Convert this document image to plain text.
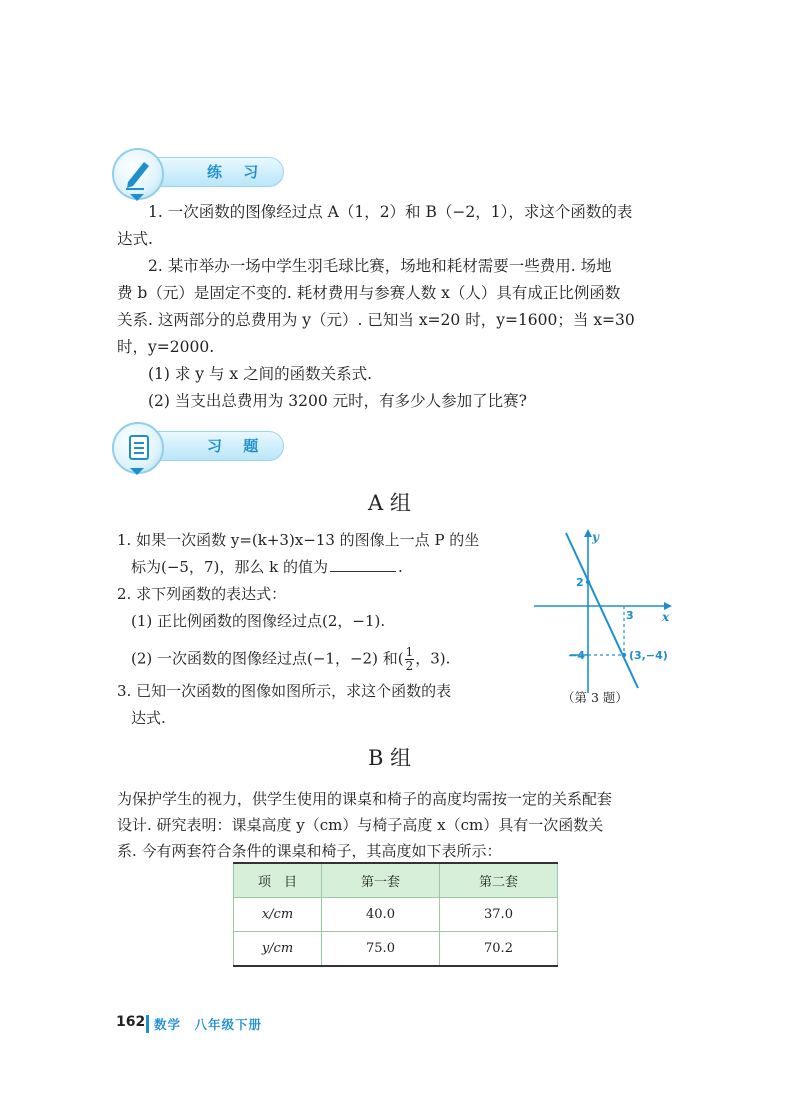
练 习
1. 一次函数的图像经过点 A（1，2）和 B（−2，1），求这个函数的表
达式.
2. 某市举办一场中学生羽毛球比赛，场地和耗材需要一些费用. 场地
费 b（元）是固定不变的. 耗材费用与参赛人数 x（人）具有成正比例函数
关系. 这两部分的总费用为 y（元）. 已知当 x=20 时，y=1600；当 x=30
时，y=2000.
(1) 求 y 与 x 之间的函数关系式.
(2) 当支出总费用为 3200 元时，有多少人参加了比赛?
习 题
A 组
1. 如果一次函数 y=(k+3)x−13 的图像上一点 P 的坐
标为(−5，7)，那么 k 的值为	.
2. 求下列函数的表达式：
(1) 正比例函数的图像经过点(2，−1).
(2) 一次函数的图像经过点(−1，−2) 和( $\frac{1}{2}$ ，3).
3. 已知一次函数的图像如图所示，求这个函数的表
达式.
y
x
2
3
−4	(3,−4)
（第 3 题）
B 组
为保护学生的视力，供学生使用的课桌和椅子的高度均需按一定的关系配套
设计. 研究表明：课桌高度 y（cm）与椅子高度 x（cm）具有一次函数关
系. 今有两套符合条件的课桌和椅子，其高度如下表所示：
项　目	第一套	第二套
x/cm	40.0	37.0
y/cm	75.0	70.2
162 数学　八年级下册
